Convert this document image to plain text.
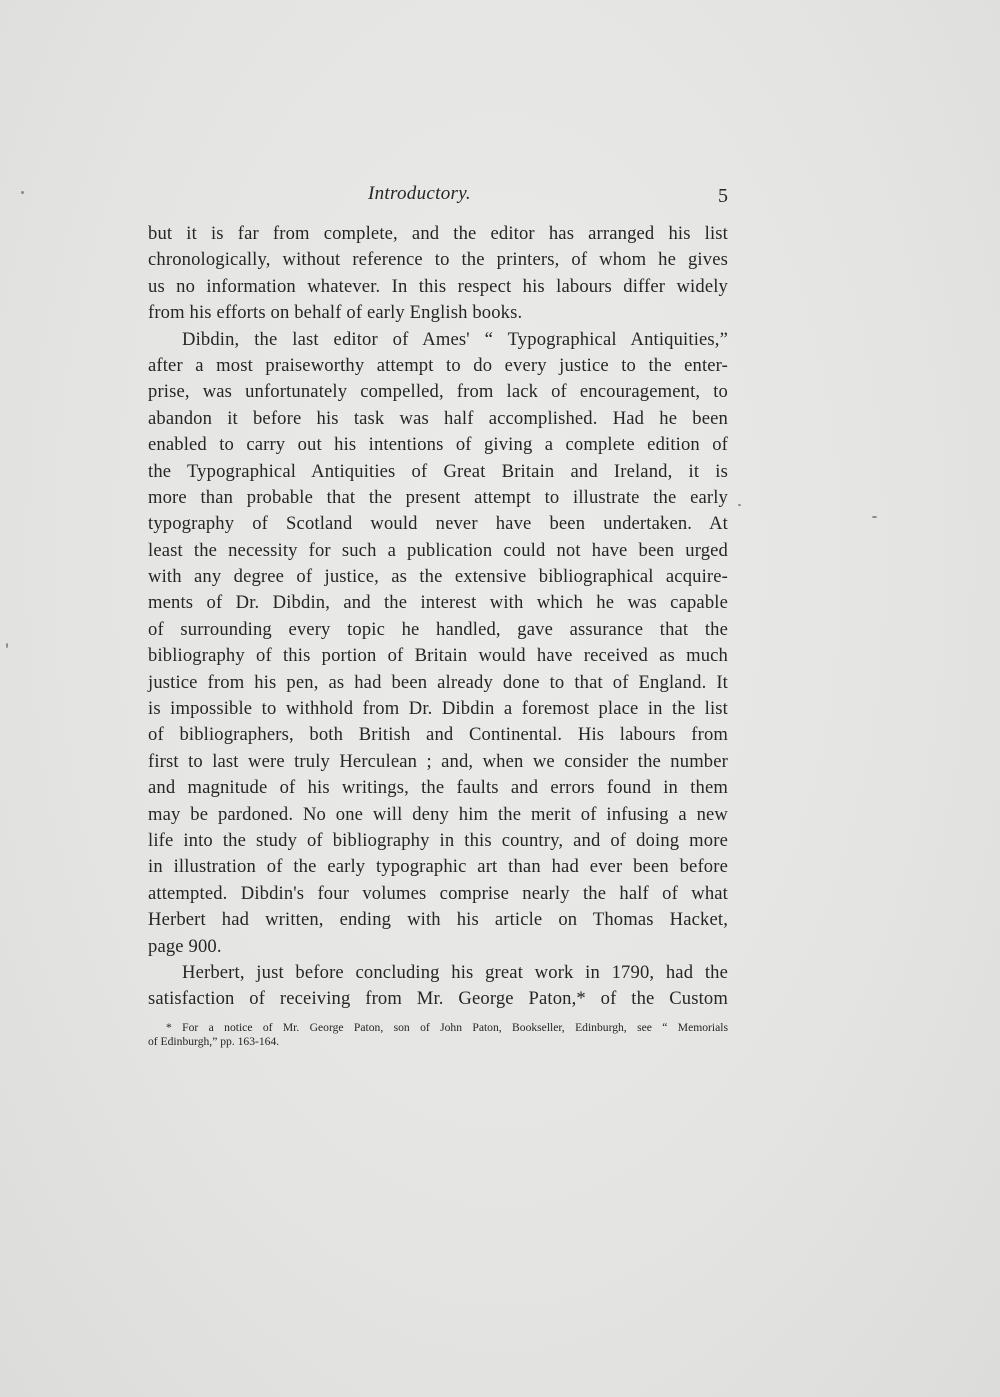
Introductory.	5
but it is far from complete, and the editor has arranged his list
chronologically, without reference to the printers, of whom he gives
us no information whatever. In this respect his labours differ widely
from his efforts on behalf of early English books.
Dibdin, the last editor of Ames' “ Typographical Antiquities,”
after a most praiseworthy attempt to do every justice to the enter-
prise, was unfortunately compelled, from lack of encouragement, to
abandon it before his task was half accomplished. Had he been
enabled to carry out his intentions of giving a complete edition of
the Typographical Antiquities of Great Britain and Ireland, it is
more than probable that the present attempt to illustrate the early
typography of Scotland would never have been undertaken. At
least the necessity for such a publication could not have been urged
with any degree of justice, as the extensive bibliographical acquire-
ments of Dr. Dibdin, and the interest with which he was capable
of surrounding every topic he handled, gave assurance that the
bibliography of this portion of Britain would have received as much
justice from his pen, as had been already done to that of England. It
is impossible to withhold from Dr. Dibdin a foremost place in the list
of bibliographers, both British and Continental. His labours from
first to last were truly Herculean ; and, when we consider the number
and magnitude of his writings, the faults and errors found in them
may be pardoned. No one will deny him the merit of infusing a new
life into the study of bibliography in this country, and of doing more
in illustration of the early typographic art than had ever been before
attempted. Dibdin's four volumes comprise nearly the half of what
Herbert had written, ending with his article on Thomas Hacket,
page 900.
Herbert, just before concluding his great work in 1790, had the
satisfaction of receiving from Mr. George Paton,* of the Custom
* For a notice of Mr. George Paton, son of John Paton, Bookseller, Edinburgh, see “ Memorials
of Edinburgh,” pp. 163-164.
